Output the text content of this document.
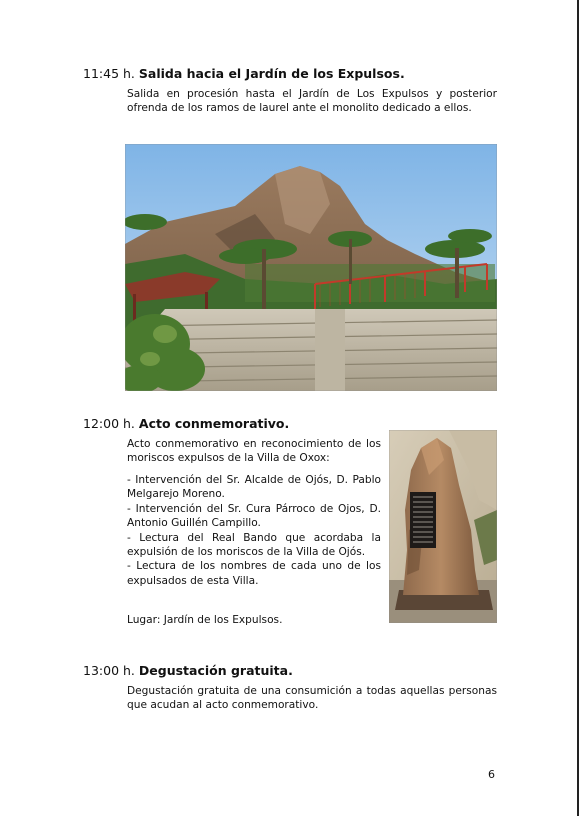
11:45 h. Salida hacia el Jardín de los Expulsos.

Salida en procesión hasta el Jardín de Los Expulsos y posterior ofrenda de los ramos de laurel ante el monolito dedicado a ellos.

12:00 h. Acto conmemorativo.

Acto conmemorativo en reconocimiento de los moriscos expulsos de la Villa de Oxox:

- Intervención del Sr. Alcalde de Ojós, D. Pablo Melgarejo Moreno.
- Intervención del Sr. Cura Párroco de Ojos, D. Antonio Guillén Campillo.
- Lectura del Real Bando que acordaba la expulsión de los moriscos de la Villa de Ojós.
- Lectura de los nombres de cada uno de los expulsados de esta Villa.

Lugar: Jardín de los Expulsos.

13:00 h. Degustación gratuita.

Degustación gratuita de una consumición a todas aquellas personas que acudan al acto conmemorativo.

6
